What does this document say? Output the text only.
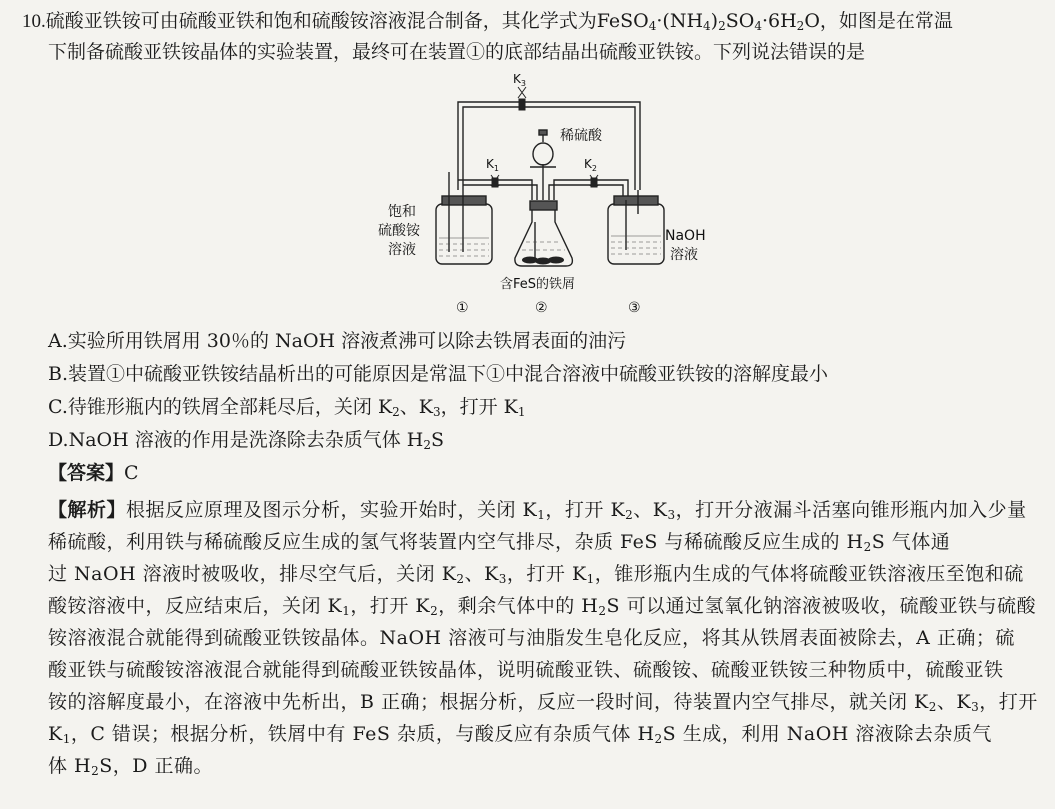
10.硫酸亚铁铵可由硫酸亚铁和饱和硫酸铵溶液混合制备，其化学式为$FeSO_4\cdot(NH_4)_2SO_4\cdot 6H_2O$，如图是在常温
下制备硫酸亚铁铵晶体的实验装置，最终可在装置①的底部结晶出硫酸亚铁铵。下列说法错误的是
$K_3$
$K_1$	$K_2$
稀硫酸
饱和
硫酸铵
溶液
NaOH
溶液
含FeS的铁屑
①	②	③
A.实验所用铁屑用 30％的 NaOH 溶液煮沸可以除去铁屑表面的油污
B.装置①中硫酸亚铁铵结晶析出的可能原因是常温下①中混合溶液中硫酸亚铁铵的溶解度最小
C.待锥形瓶内的铁屑全部耗尽后，关闭 $K_2$、$K_3$，打开 $K_1$
D.NaOH 溶液的作用是洗涤除去杂质气体 $H_2S$
【答案】C

【解析】根据反应原理及图示分析，实验开始时，关闭 $K_1$，打开 $K_2$、$K_3$，打开分液漏斗活塞向锥形瓶内加入少量

稀硫酸，利用铁与稀硫酸反应生成的氢气将装置内空气排尽，杂质 FeS 与稀硫酸反应生成的 $H_2S$ 气体通

过 NaOH 溶液时被吸收，排尽空气后，关闭 $K_2$、$K_3$，打开 $K_1$，锥形瓶内生成的气体将硫酸亚铁溶液压至饱和硫

酸铵溶液中，反应结束后，关闭 $K_1$，打开 $K_2$，剩余气体中的 $H_2S$ 可以通过氢氧化钠溶液被吸收，硫酸亚铁与硫酸

铵溶液混合就能得到硫酸亚铁铵晶体。NaOH 溶液可与油脂发生皂化反应，将其从铁屑表面被除去，A 正确；硫

酸亚铁与硫酸铵溶液混合就能得到硫酸亚铁铵晶体，说明硫酸亚铁、硫酸铵、硫酸亚铁铵三种物质中，硫酸亚铁

铵的溶解度最小，在溶液中先析出，B 正确；根据分析，反应一段时间，待装置内空气排尽，就关闭 $K_2$、$K_3$，打开

$K_1$，C 错误；根据分析，铁屑中有 FeS 杂质，与酸反应有杂质气体 $H_2S$ 生成，利用 NaOH 溶液除去杂质气

体 $H_2S$，D 正确。
